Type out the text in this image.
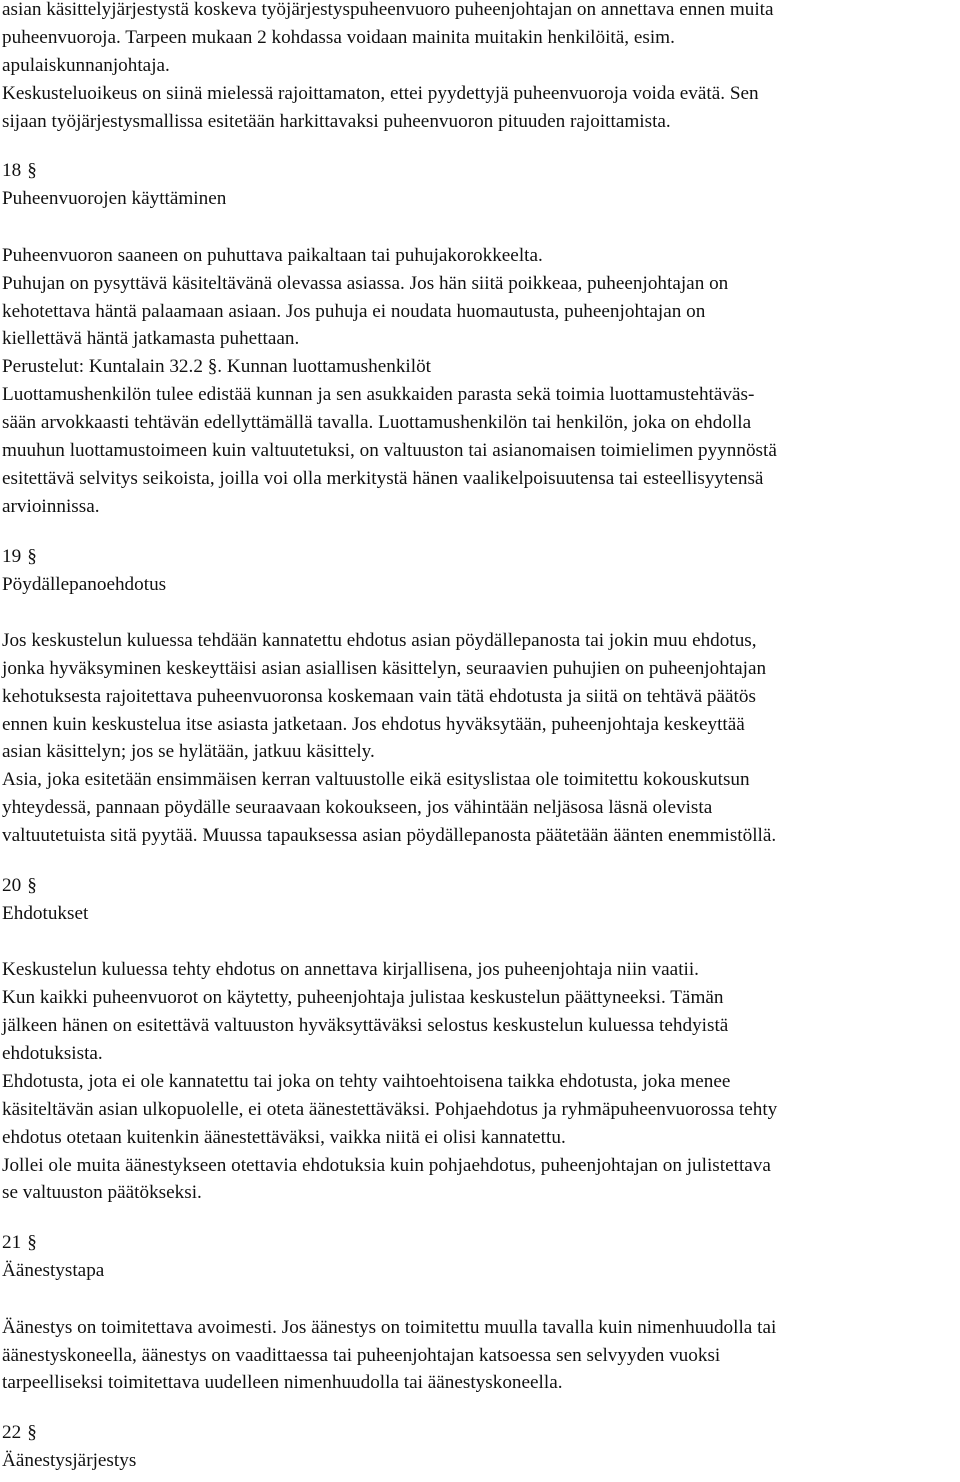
asian käsittelyjärjestystä koskeva työjärjestyspuheenvuoro puheenjohtajan on annettava ennen muita
puheenvuoroja. Tarpeen mukaan 2 kohdassa voidaan mainita muitakin henkilöitä, esim.
apulaiskunnanjohtaja.
Keskusteluoikeus on siinä mielessä rajoittamaton, ettei pyydettyjä puheenvuoroja voida evätä. Sen
sijaan työjärjestysmallissa esitetään harkittavaksi puheenvuoron pituuden rajoittamista.
18 §
Puheenvuorojen käyttäminen
Puheenvuoron saaneen on puhuttava paikaltaan tai puhujakorokkeelta.
Puhujan on pysyttävä käsiteltävänä olevassa asiassa. Jos hän siitä poikkeaa, puheenjohtajan on
kehotettava häntä palaamaan asiaan. Jos puhuja ei noudata huomautusta, puheenjohtajan on
kiellettävä häntä jatkamasta puhettaan.
Perustelut: Kuntalain 32.2 §. Kunnan luottamushenkilöt
Luottamushenkilön tulee edistää kunnan ja sen asukkaiden parasta sekä toimia luottamustehtäväs-
sään arvokkaasti tehtävän edellyttämällä tavalla. Luottamushenkilön tai henkilön, joka on ehdolla
muuhun luottamustoimeen kuin valtuutetuksi, on valtuuston tai asianomaisen toimielimen pyynnöstä
esitettävä selvitys seikoista, joilla voi olla merkitystä hänen vaalikelpoisuutensa tai esteellisyytensä
arvioinnissa.
19 §
Pöydällepanoehdotus
Jos keskustelun kuluessa tehdään kannatettu ehdotus asian pöydällepanosta tai jokin muu ehdotus,
jonka hyväksyminen keskeyttäisi asian asiallisen käsittelyn, seuraavien puhujien on puheenjohtajan
kehotuksesta rajoitettava puheenvuoronsa koskemaan vain tätä ehdotusta ja siitä on tehtävä päätös
ennen kuin keskustelua itse asiasta jatketaan. Jos ehdotus hyväksytään, puheenjohtaja keskeyttää
asian käsittelyn; jos se hylätään, jatkuu käsittely.
Asia, joka esitetään ensimmäisen kerran valtuustolle eikä esityslistaa ole toimitettu kokouskutsun
yhteydessä, pannaan pöydälle seuraavaan kokoukseen, jos vähintään neljäsosa läsnä olevista
valtuutetuista sitä pyytää. Muussa tapauksessa asian pöydällepanosta päätetään äänten enemmistöllä.
20 §
Ehdotukset
Keskustelun kuluessa tehty ehdotus on annettava kirjallisena, jos puheenjohtaja niin vaatii.
Kun kaikki puheenvuorot on käytetty, puheenjohtaja julistaa keskustelun päättyneeksi. Tämän
jälkeen hänen on esitettävä valtuuston hyväksyttäväksi selostus keskustelun kuluessa tehdyistä
ehdotuksista.
Ehdotusta, jota ei ole kannatettu tai joka on tehty vaihtoehtoisena taikka ehdotusta, joka menee
käsiteltävän asian ulkopuolelle, ei oteta äänestettäväksi. Pohjaehdotus ja ryhmäpuheenvuorossa tehty
ehdotus otetaan kuitenkin äänestettäväksi, vaikka niitä ei olisi kannatettu.
Jollei ole muita äänestykseen otettavia ehdotuksia kuin pohjaehdotus, puheenjohtajan on julistettava
se valtuuston päätökseksi.
21 §
Äänestystapa
Äänestys on toimitettava avoimesti. Jos äänestys on toimitettu muulla tavalla kuin nimenhuudolla tai
äänestyskoneella, äänestys on vaadittaessa tai puheenjohtajan katsoessa sen selvyyden vuoksi
tarpeelliseksi toimitettava uudelleen nimenhuudolla tai äänestyskoneella.
22 §
Äänestysjärjestys
